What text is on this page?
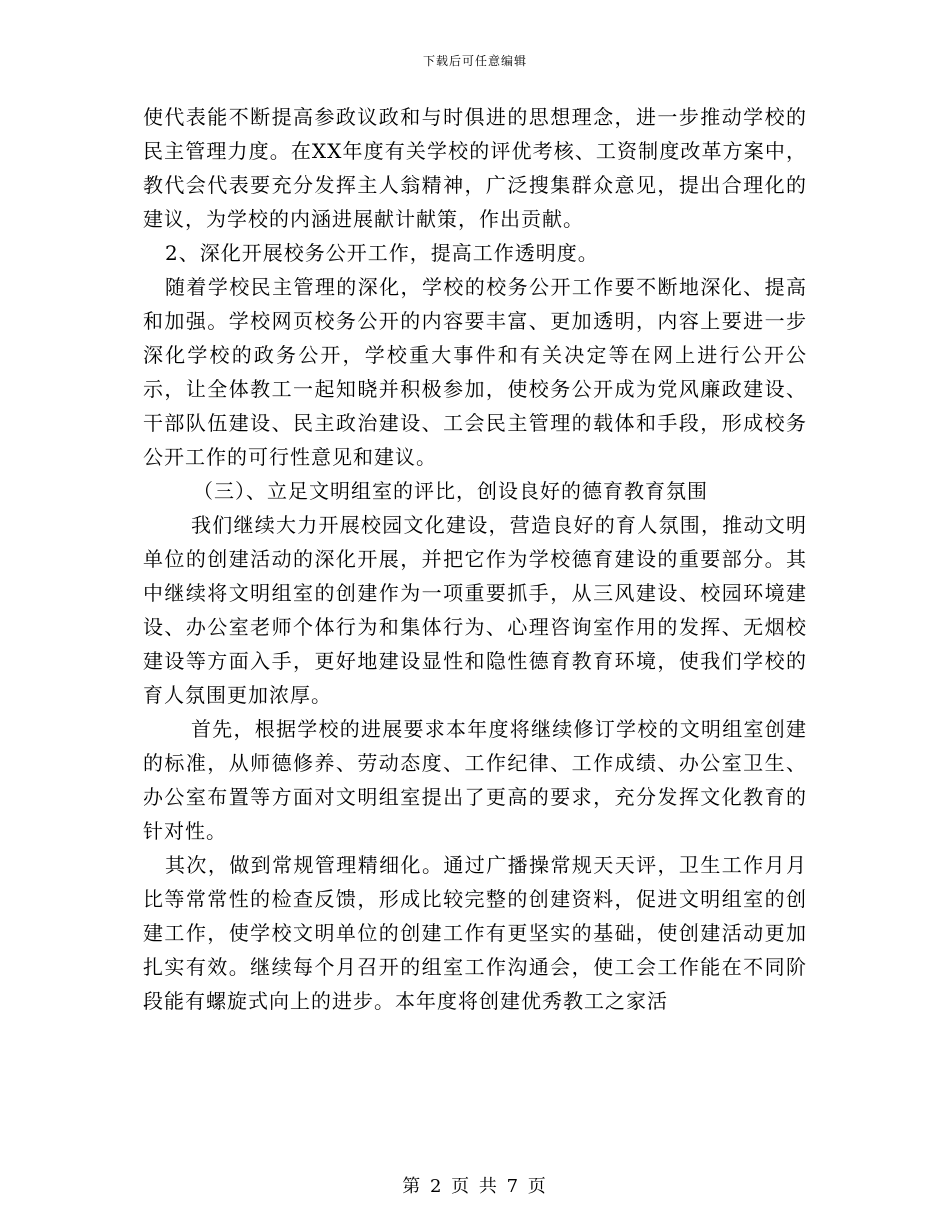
下载后可任意编辑

使代表能不断提高参政议政和与时俱进的思想理念，进一步推动学校的民主管理力度。在XX年度有关学校的评优考核、工资制度改革方案中，教代会代表要充分发挥主人翁精神，广泛搜集群众意见，提出合理化的建议，为学校的内涵进展献计献策，作出贡献。

2、深化开展校务公开工作，提高工作透明度。

随着学校民主管理的深化，学校的校务公开工作要不断地深化、提高和加强。学校网页校务公开的内容要丰富、更加透明，内容上要进一步深化学校的政务公开，学校重大事件和有关决定等在网上进行公开公示，让全体教工一起知晓并积极参加，使校务公开成为党风廉政建设、干部队伍建设、民主政治建设、工会民主管理的载体和手段，形成校务公开工作的可行性意见和建议。

（三）、立足文明组室的评比，创设良好的德育教育氛围

我们继续大力开展校园文化建设，营造良好的育人氛围，推动文明单位的创建活动的深化开展，并把它作为学校德育建设的重要部分。其中继续将文明组室的创建作为一项重要抓手，从三风建设、校园环境建设、办公室老师个体行为和集体行为、心理咨询室作用的发挥、无烟校建设等方面入手，更好地建设显性和隐性德育教育环境，使我们学校的育人氛围更加浓厚。

首先，根据学校的进展要求本年度将继续修订学校的文明组室创建的标准，从师德修养、劳动态度、工作纪律、工作成绩、办公室卫生、办公室布置等方面对文明组室提出了更高的要求，充分发挥文化教育的针对性。

其次，做到常规管理精细化。通过广播操常规天天评，卫生工作月月比等常常性的检查反馈，形成比较完整的创建资料，促进文明组室的创建工作，使学校文明单位的创建工作有更坚实的基础，使创建活动更加扎实有效。继续每个月召开的组室工作沟通会，使工会工作能在不同阶段能有螺旋式向上的进步。本年度将创建优秀教工之家活

第 2 页 共 7 页
